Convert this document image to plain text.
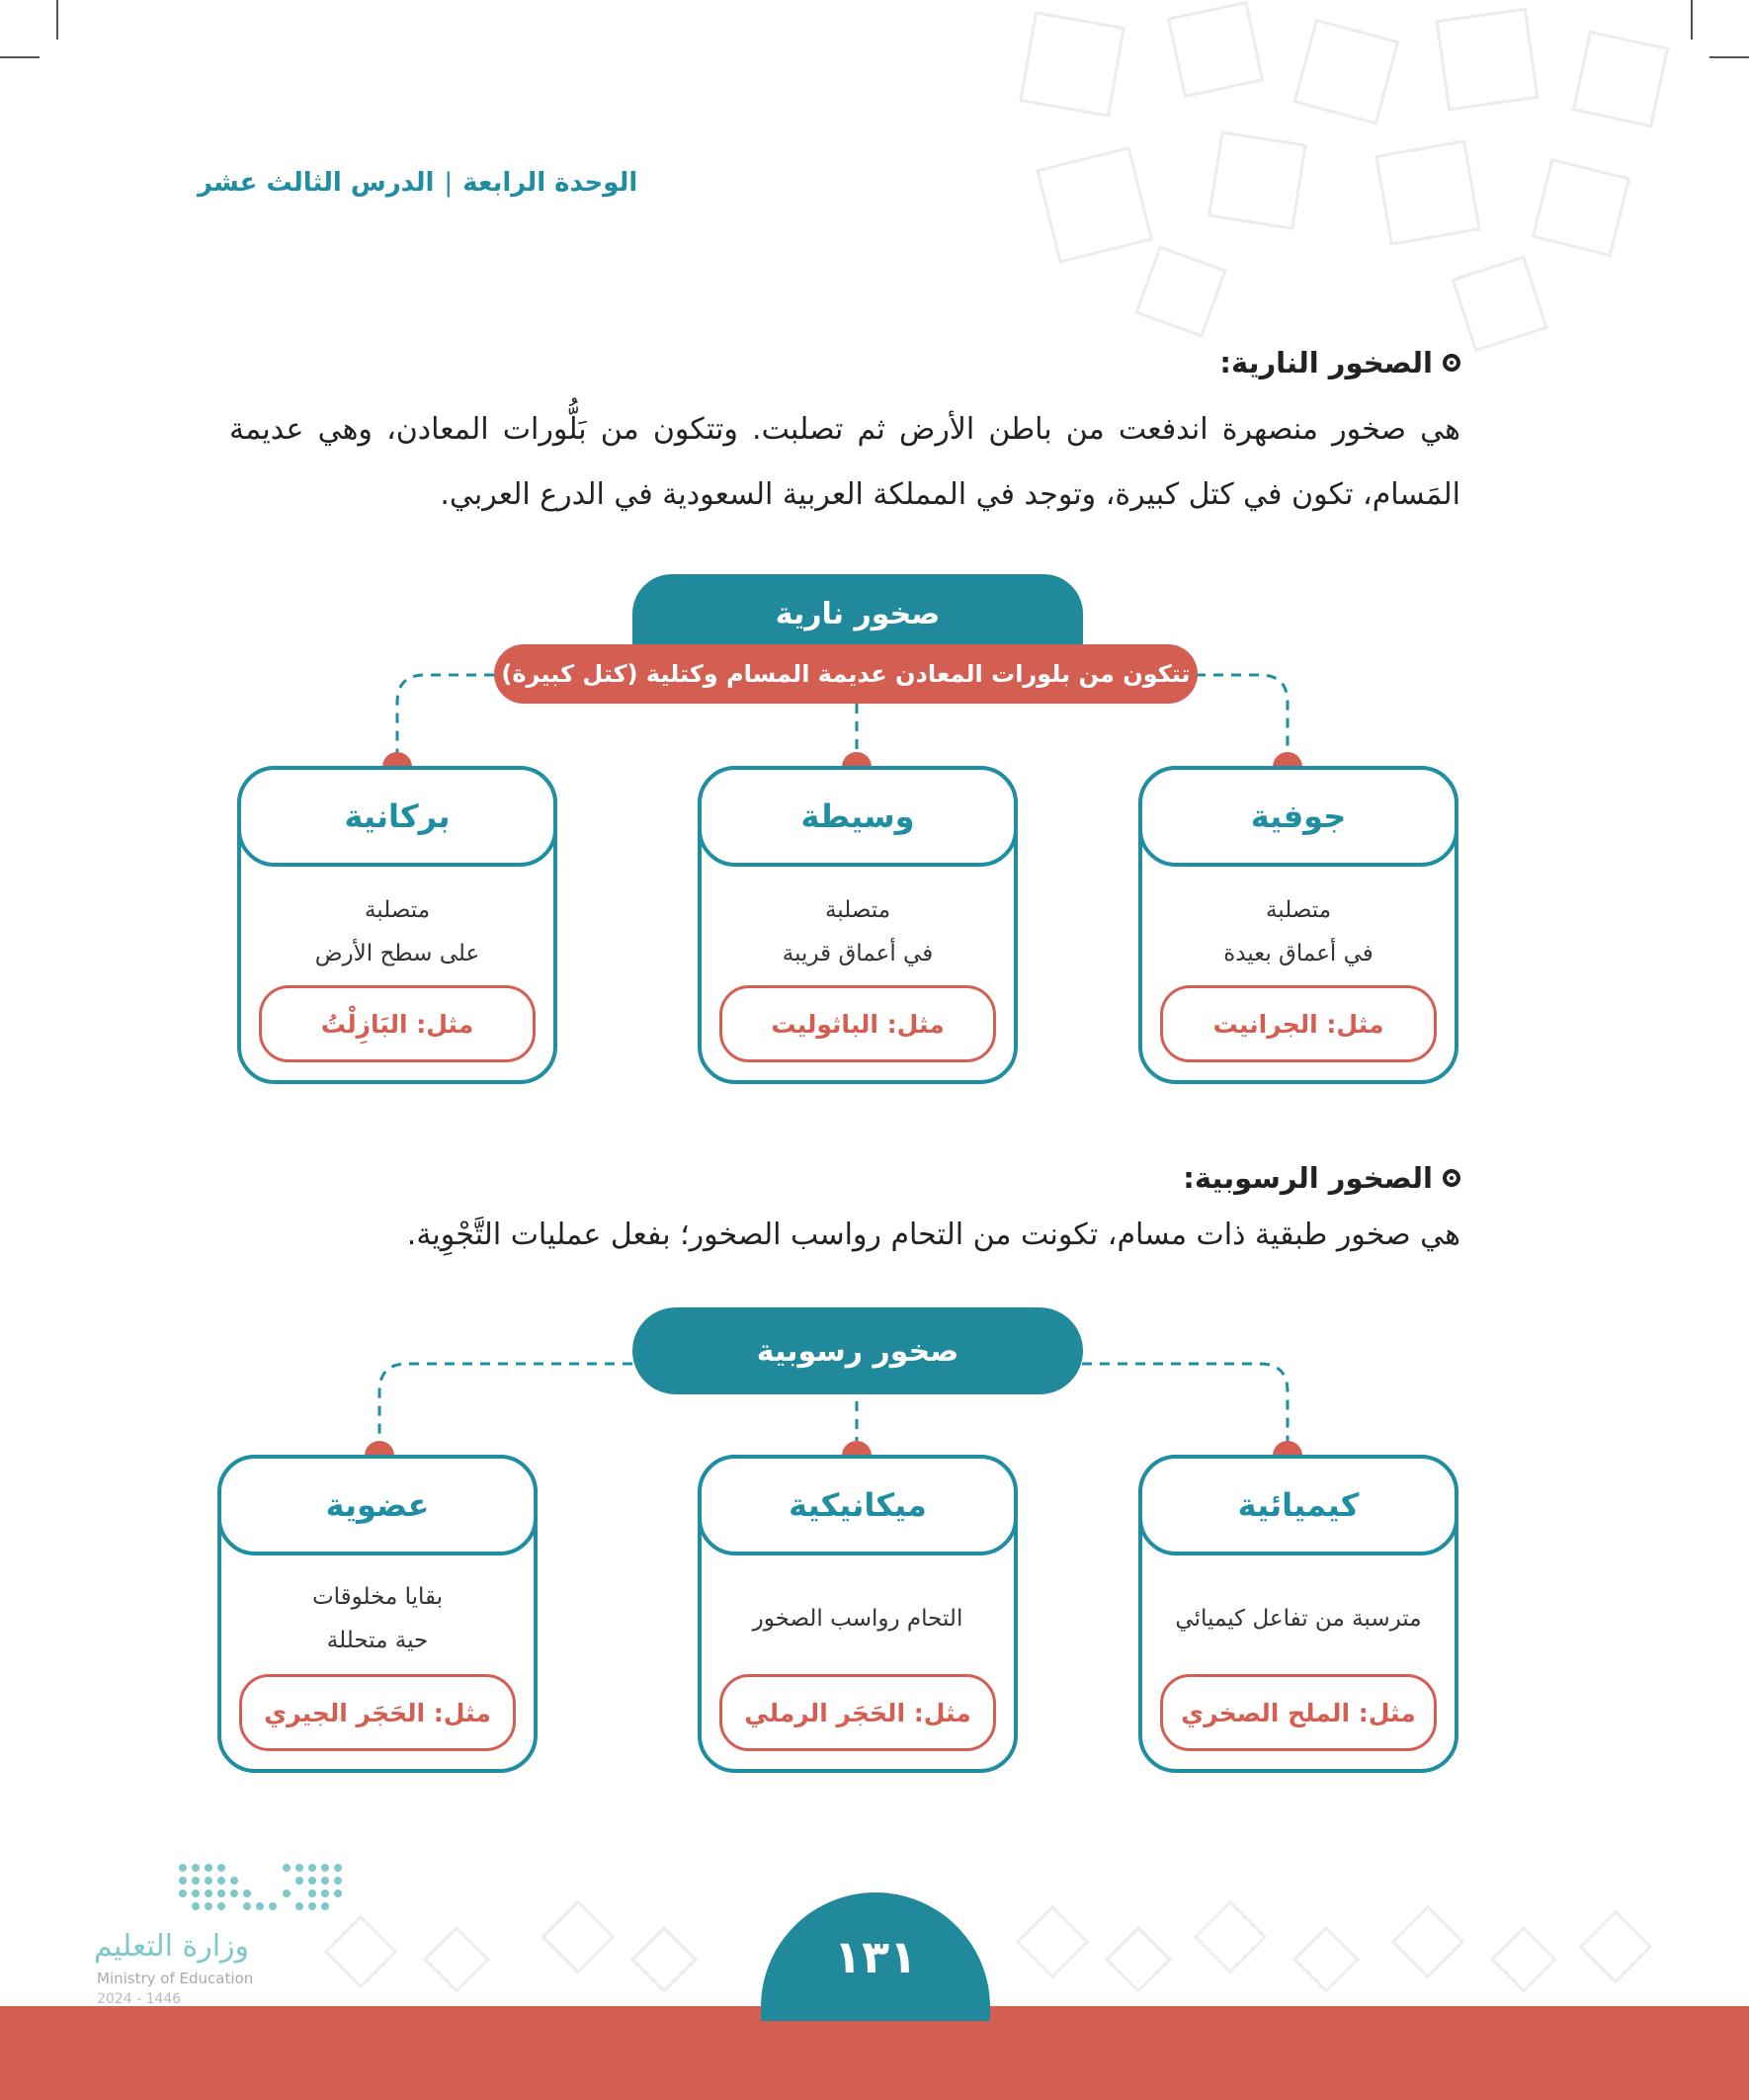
الوحدة الرابعة
|
الدرس الثالث عشر
الصخور النارية:
هي صخور منصهرة اندفعت من باطن الأرض ثم تصلبت. وتتكون من بَلُّورات المعادن، وهي عديمة المَسام، تكون في كتل كبيرة، وتوجد في المملكة العربية السعودية في الدرع العربي.
صخور نارية
تتكون من بلورات المعادن عديمة المسام وكتلية (كتل كبيرة)
جوفية
متصلبة
في أعماق بعيدة
مثل: الجرانيت
وسيطة
متصلبة
في أعماق قريبة
مثل: الباثوليت
بركانية
متصلبة
على سطح الأرض
مثل: البَازِلْتُ
الصخور الرسوبية:
هي صخور طبقية ذات مسام، تكونت من التحام رواسب الصخور؛ بفعل عمليات التَّجْوِية.
صخور رسوبية
كيميائية
مترسبة من تفاعل كيميائي
مثل: الملح الصخري
ميكانيكية
التحام رواسب الصخور
مثل: الحَجَر الرملي
عضوية
بقايا مخلوقات
حية متحللة
مثل: الحَجَر الجيري
١٣١
وزارة التعليم
Ministry of Education
2024 - 1446
